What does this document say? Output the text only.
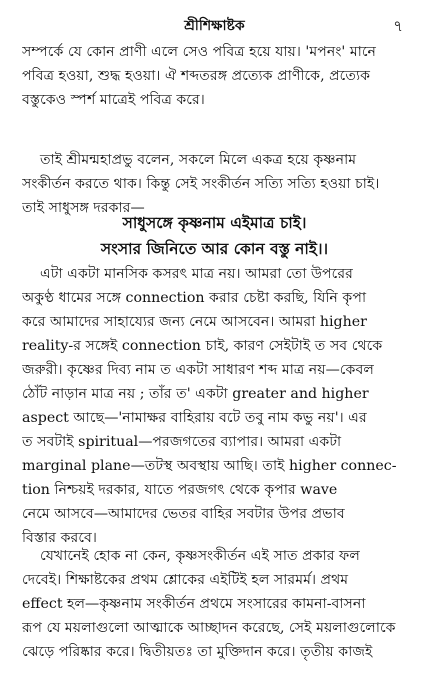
শ্রীশিক্ষাষ্টক	৭

সম্পর্কে যে কোন প্রাণী এলে সেও পবিত্র হয়ে যায়। 'মপনং' মানে
পবিত্র হওয়া, শুদ্ধ হওয়া। ঐ শব্দতরঙ্গ প্রত্যেক প্রাণীকে, প্রত্যেক
বস্তুকেও স্পর্শ মাত্রেই পবিত্র করে।

তাই শ্রীমন্মহাপ্রভু বলেন, সকলে মিলে একত্র হয়ে কৃষ্ণনাম
সংকীর্তন করতে থাক। কিন্তু সেই সংকীর্তন সত্যি সত্যি হওয়া চাই।
তাই সাধুসঙ্গ দরকার—

সাধুসঙ্গে কৃষ্ণনাম এইমাত্র চাই।
সংসার জিনিতে আর কোন বস্তু নাই।।

এটা একটা মানসিক কসরৎ মাত্র নয়। আমরা তো উপরের
অকুণ্ঠ ধামের সঙ্গে connection করার চেষ্টা করছি, যিনি কৃপা
করে আমাদের সাহায্যের জন্য নেমে আসবেন। আমরা higher
reality-র সঙ্গেই connection চাই, কারণ সেইটাই ত সব থেকে
জরুরী। কৃষ্ণের দিব্য নাম ত একটা সাধারণ শব্দ মাত্র নয়—কেবল
ঠোঁট নাড়ান মাত্র নয় ; তাঁর ত' একটা greater and higher
aspect আছে—'নামাক্ষর বাহিরায় বটে তবু নাম কভু নয়'। এর
ত সবটাই spiritual—পরজগতের ব্যাপার। আমরা একটা
marginal plane—তটস্থ অবস্থায় আছি। তাই higher connec-
tion নিশ্চয়ই দরকার, যাতে পরজগৎ থেকে কৃপার wave
নেমে আসবে—আমাদের ভেতর বাহির সবটার উপর প্রভাব
বিস্তার করবে।

যেখানেই হোক না কেন, কৃষ্ণসংকীর্তন এই সাত প্রকার ফল
দেবেই। শিক্ষাষ্টকের প্রথম শ্লোকের এইটিই হল সারমর্ম। প্রথম
effect হল—কৃষ্ণনাম সংকীর্তন প্রথমে সংসারের কামনা-বাসনা
রূপ যে ময়লাগুলো আত্মাকে আচ্ছাদন করেছে, সেই ময়লাগুলোকে
ঝেড়ে পরিষ্কার করে। দ্বিতীয়তঃ তা মুক্তিদান করে। তৃতীয় কাজই
